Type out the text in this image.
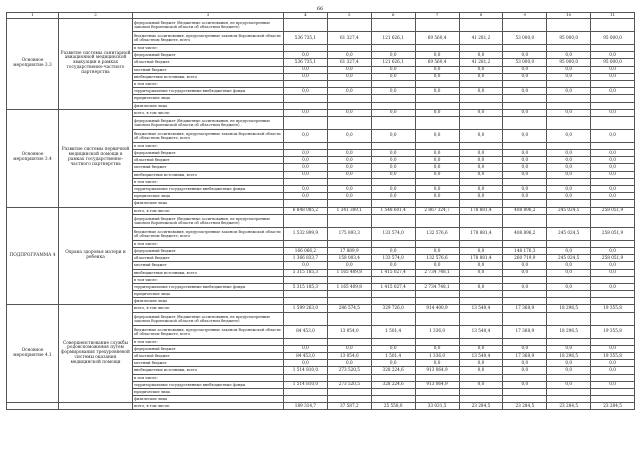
66
1	2	3	4	5	6	7	8	9	10	11
Основное мероприятие 3.3	Развитие системы санитарной авиационной медицинской эвакуации в рамках государственно-частного партнерства	федеральный бюджет (бюджетные ассигнования, не предусмотренные законом Воронежской области об областном бюджете)								
		бюджетные ассигнования, предусмотренные законом Воронежской области об областном бюджете, всего	536 735,1	61 327,4	121 626,1	69 560,4	41 281,2	53 000,0	95 000,0	95 000,0
		в том числе:								
		федеральный бюджет	0,0	0,0	0,0	0,0	0,0	0,0	0,0	0,0
		областной бюджет	536 735,1	61 327,4	121 626,1	69 560,4	41 281,2	53 000,0	95 000,0	95 000,0
		местный бюджет	0,0	0,0	0,0	0,0	0,0	0,0	0,0	0,0
		внебюджетные источники, всего	0,0	0,0	0,0	0,0	0,0	0,0	0,0	0,0
		в том числе:								
		территориальные государственные внебюджетные фонды	0,0	0,0	0,0	0,0	0,0	0,0	0,0	0,0
		юридические лица								
		физические лица								
Основное мероприятие 3.4	Развитие системы первичной медицинской помощи в рамках государственно-частного партнерства	всего, в том числе:	0,0	0,0	0,0	0,0	0,0	0,0	0,0	0,0
		федеральный бюджет (бюджетные ассигнования, не предусмотренные законом Воронежской области об областном бюджете)								
		бюджетные ассигнования, предусмотренные законом Воронежской области об областном бюджете, всего	0,0	0,0	0,0	0,0	0,0	0,0	0,0	0,0
		в том числе:								
		федеральный бюджет	0,0	0,0	0,0	0,0	0,0	0,0	0,0	0,0
		областной бюджет	0,0	0,0	0,0	0,0	0,0	0,0	0,0	0,0
		местный бюджет	0,0	0,0	0,0	0,0	0,0	0,0	0,0	0,0
		внебюджетные источники, всего	0,0	0,0	0,0	0,0	0,0	0,0	0,0	0,0
		в том числе:								
		территориальные государственные внебюджетные фонды	0,0	0,0	0,0	0,0	0,0	0,0	0,0	0,0
		юридические лица	0,0	0,0	0,0	0,0	0,0	0,0	0,0	0,0
		физические лица								
ПОДПРОГРАММА 4	Охрана здоровья матери и ребенка	всего, в том числе:	6 848 085,2	1 341 309,1	1 548 601,4	2 867 324,7	178 881,4	408 896,2	245 024,5	258 051,9
		федеральный бюджет (бюджетные ассигнования, не предусмотренные законом Воронежской области об областном бюджете)								
		бюджетные ассигнования, предусмотренные законом Воронежской области об областном бюджете, всего	1 532 899,9	175 893,3	133 574,0	132 576,6	178 881,4	408 896,2	245 024,5	258 051,9
		в том числе:								
		федеральный бюджет	166 066,2	17 889,9	0,0	0,0	0,0	148 176,3	0,0	0,0
		областной бюджет	1 366 833,7	158 003,4	133 574,0	132 576,6	178 881,4	260 719,9	245 024,5	258 051,9
		местный бюджет	0,0	0,0	0,0	0,0	0,0	0,0	0,0	0,0
		внебюджетные источники, всего	5 315 185,3	1 165 409,8	1 415 027,4	2 734 748,1	0,0	0,0	0,0	0,0
		в том числе:								
		территориальные государственные внебюджетные фонды	5 315 185,3	1 165 409,8	1 415 027,4	2 734 748,1	0,0	0,0	0,0	0,0
		юридические лица								
		физические лица								
Основное мероприятие 4.1	Совершенствование службы родовспоможения путем формирования трехуровневой системы оказания медицинской помощи	всего, в том числе:	1 599 263,0	286 574,5	329 726,0	914 400,9	13 540,4	17 368,9	18 296,5	19 355,8
		федеральный бюджет (бюджетные ассигнования, не предусмотренные законом Воронежской области об областном бюджете)								
		бюджетные ассигнования, предусмотренные законом Воронежской области об областном бюджете, всего	84 453,0	13 054,0	1 501,4	1 336,0	13 540,4	17 368,9	18 296,5	19 355,8
		в том числе:								
		федеральный бюджет	0,0	0,0	0,0	0,0	0,0	0,0	0,0	0,0
		областной бюджет	84 453,0	13 054,0	1 501,4	1 336,0	13 540,4	17 368,9	18 296,5	19 355,8
		местный бюджет	0,0	0,0	0,0	0,0	0,0	0,0	0,0	0,0
		внебюджетные источники, всего	1 514 810,0	273 520,5	328 224,6	913 064,9	0,0	0,0	0,0	0,0
		в том числе:								
		территориальные государственные внебюджетные фонды	1 514 810,0	273 520,5	328 224,6	913 064,9	0,0	0,0	0,0	0,0
		юридические лица								
		физические лица								
		всего, в том числе:	189 314,7	37 587,2	25 558,0	33 031,5	23 284,5	23 284,5	23 284,5	23 284,5
